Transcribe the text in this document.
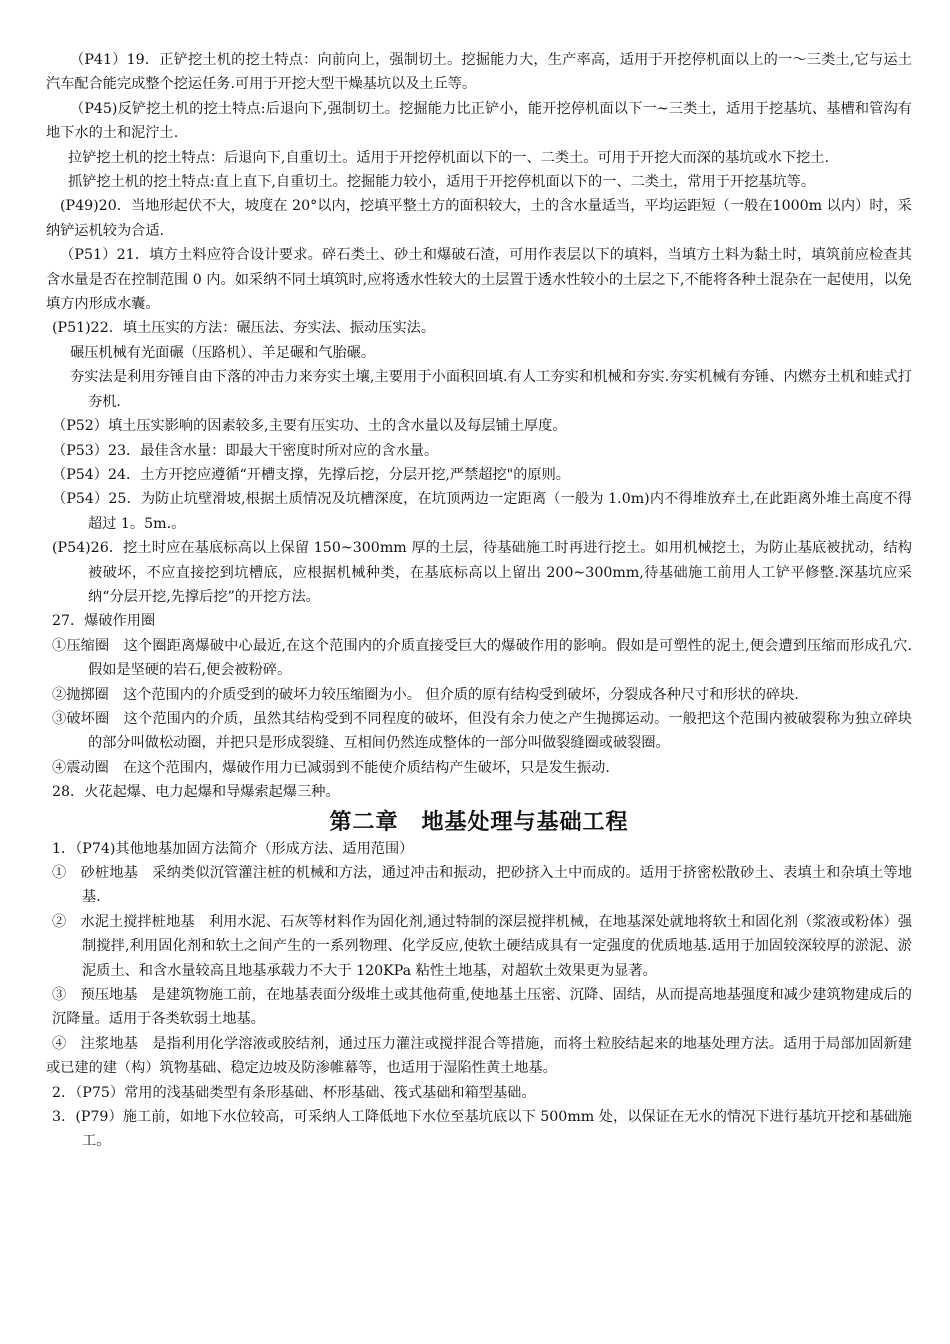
（P41）19．正铲挖土机的挖土特点：向前向上，强制切土。挖掘能力大，生产率高，适用于开挖停机面以上的一～三类土,它与运土汽车配合能完成整个挖运任务.可用于开挖大型干燥基坑以及土丘等。

（P45)反铲挖土机的挖土特点:后退向下,强制切土。挖掘能力比正铲小，能开挖停机面以下一~三类土，适用于挖基坑、基槽和管沟有地下水的土和泥泞土.

拉铲挖土机的挖土特点：后退向下,自重切土。适用于开挖停机面以下的一、二类土。可用于开挖大而深的基坑或水下挖土.

抓铲挖土机的挖土特点:直上直下,自重切土。挖掘能力较小，适用于开挖停机面以下的一、二类土，常用于开挖基坑等。

(P49)20．当地形起伏不大，坡度在 20°以内，挖填平整土方的面积较大，土的含水量适当，平均运距短（一般在1000m 以内）时，采纳铲运机较为合适.

（P51）21．填方土料应符合设计要求。碎石类土、砂土和爆破石渣，可用作表层以下的填料，当填方土料为黏土时，填筑前应检查其含水量是否在控制范围 0 内。如采纳不同土填筑时,应将透水性较大的土层置于透水性较小的土层之下,不能将各种土混杂在一起使用，以免填方内形成水囊。

(P51)22．填土压实的方法：碾压法、夯实法、振动压实法。

碾压机械有光面碾（压路机）、羊足碾和气胎碾。

夯实法是利用夯锤自由下落的冲击力来夯实土壤,主要用于小面积回填.有人工夯实和机械和夯实.夯实机械有夯锤、内燃夯土机和蛙式打夯机.

（P52）填土压实影响的因素较多,主要有压实功、土的含水量以及每层铺土厚度。

（P53）23．最佳含水量：即最大干密度时所对应的含水量。

（P54）24．土方开挖应遵循“开槽支撑，先撑后挖，分层开挖,严禁超挖"的原则。

（P54）25．为防止坑壁滑坡,根据土质情况及坑槽深度，在坑顶两边一定距离（一般为 1.0m)内不得堆放弃土,在此距离外堆土高度不得超过 1。5m.。

(P54)26．挖土时应在基底标高以上保留 150~300mm 厚的土层，待基础施工时再进行挖土。如用机械挖土，为防止基底被扰动，结构被破坏，不应直接挖到坑槽底，应根据机械种类，在基底标高以上留出 200~300mm,待基础施工前用人工铲平修整.深基坑应采纳“分层开挖,先撑后挖”的开挖方法。

27．爆破作用圈

①压缩圈　这个圈距离爆破中心最近,在这个范围内的介质直接受巨大的爆破作用的影响。假如是可塑性的泥土,便会遭到压缩而形成孔穴.假如是坚硬的岩石,便会被粉碎。

②抛掷圈　这个范围内的介质受到的破坏力较压缩圈为小。 但介质的原有结构受到破坏，分裂成各种尺寸和形状的碎块.

③破坏圈　这个范围内的介质，虽然其结构受到不同程度的破坏，但没有余力使之产生抛掷运动。一般把这个范围内被破裂称为独立碎块的部分叫做松动圈，并把只是形成裂缝、互相间仍然连成整体的一部分叫做裂缝圈或破裂圈。

④震动圈　在这个范围内，爆破作用力已减弱到不能使介质结构产生破坏，只是发生振动.

28．火花起爆、电力起爆和导爆索起爆三种。

第二章　地基处理与基础工程

1．（P74)其他地基加固方法简介（形成方法、适用范围）

①　砂桩地基　采纳类似沉管灌注桩的机械和方法，通过冲击和振动，把砂挤入土中而成的。适用于挤密松散砂土、表填土和杂填土等地基.

②　水泥土搅拌桩地基　利用水泥、石灰等材料作为固化剂,通过特制的深层搅拌机械，在地基深处就地将软土和固化剂（浆液或粉体）强制搅拌,利用固化剂和软土之间产生的一系列物理、化学反应,使软土硬结成具有一定强度的优质地基.适用于加固较深较厚的淤泥、淤泥质土、和含水量较高且地基承载力不大于 120KPa 粘性土地基，对超软土效果更为显著。

③　预压地基　是建筑物施工前，在地基表面分级堆土或其他荷重,使地基土压密、沉降、固结，从而提高地基强度和减少建筑物建成后的沉降量。适用于各类软弱土地基。

④　注浆地基　是指利用化学溶液或胶结剂，通过压力灌注或搅拌混合等措施，而将土粒胶结起来的地基处理方法。适用于局部加固新建或已建的建（构）筑物基础、稳定边坡及防渗帷幕等，也适用于湿陷性黄土地基。

2．（P75）常用的浅基础类型有条形基础、杯形基础、筏式基础和箱型基础。

3．(P79）施工前，如地下水位较高，可采纳人工降低地下水位至基坑底以下 500mm 处，以保证在无水的情况下进行基坑开挖和基础施工。
